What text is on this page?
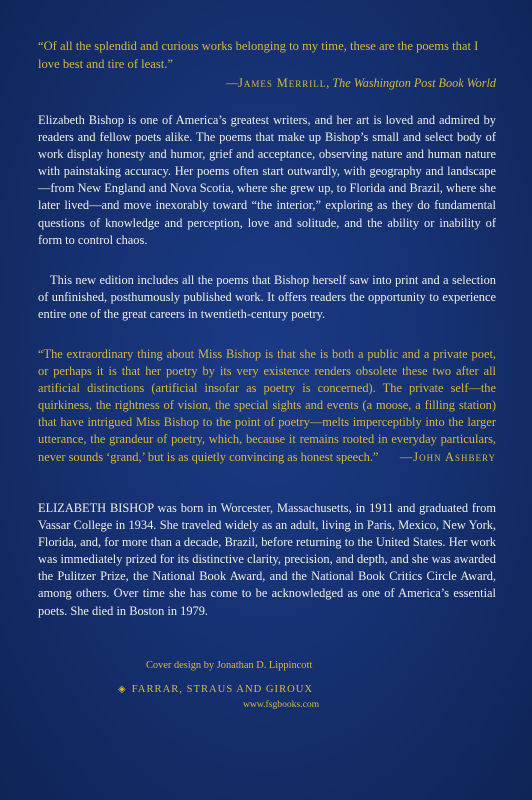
“Of all the splendid and curious works belonging to my time, these are the poems that I love best and tire of least.”

—James Merrill, The Washington Post Book World

Elizabeth Bishop is one of America’s greatest writers, and her art is loved and admired by readers and fellow poets alike. The poems that make up Bishop’s small and select body of work display honesty and humor, grief and acceptance, observing nature and human nature with painstaking accuracy. Her poems often start outwardly, with geography and landscape—from New England and Nova Scotia, where she grew up, to Florida and Brazil, where she later lived—and move inexorably toward “the interior,” exploring as they do fundamental questions of knowledge and perception, love and solitude, and the ability or inability of form to control chaos.

This new edition includes all the poems that Bishop herself saw into print and a selection of unfinished, posthumously published work. It offers readers the opportunity to experience entire one of the great careers in twentieth-century poetry.

“The extraordinary thing about Miss Bishop is that she is both a public and a private poet, or perhaps it is that her poetry by its very existence renders obsolete these two after all artificial distinctions (artificial insofar as poetry is concerned). The private self—the quirkiness, the rightness of vision, the special sights and events (a moose, a filling station) that have intrigued Miss Bishop to the point of poetry—melts imperceptibly into the larger utterance, the grandeur of poetry, which, because it remains rooted in everyday particulars, never sounds ‘grand,’ but is as quietly convincing as honest speech.” —John Ashbery

ELIZABETH BISHOP was born in Worcester, Massachusetts, in 1911 and graduated from Vassar College in 1934. She traveled widely as an adult, living in Paris, Mexico, New York, Florida, and, for more than a decade, Brazil, before returning to the United States. Her work was immediately prized for its distinctive clarity, precision, and depth, and she was awarded the Pulitzer Prize, the National Book Award, and the National Book Critics Circle Award, among others. Over time she has come to be acknowledged as one of America’s essential poets. She died in Boston in 1979.

Cover design by Jonathan D. Lippincott

◈ FARRAR, STRAUS AND GIROUX

www.fsgbooks.com
